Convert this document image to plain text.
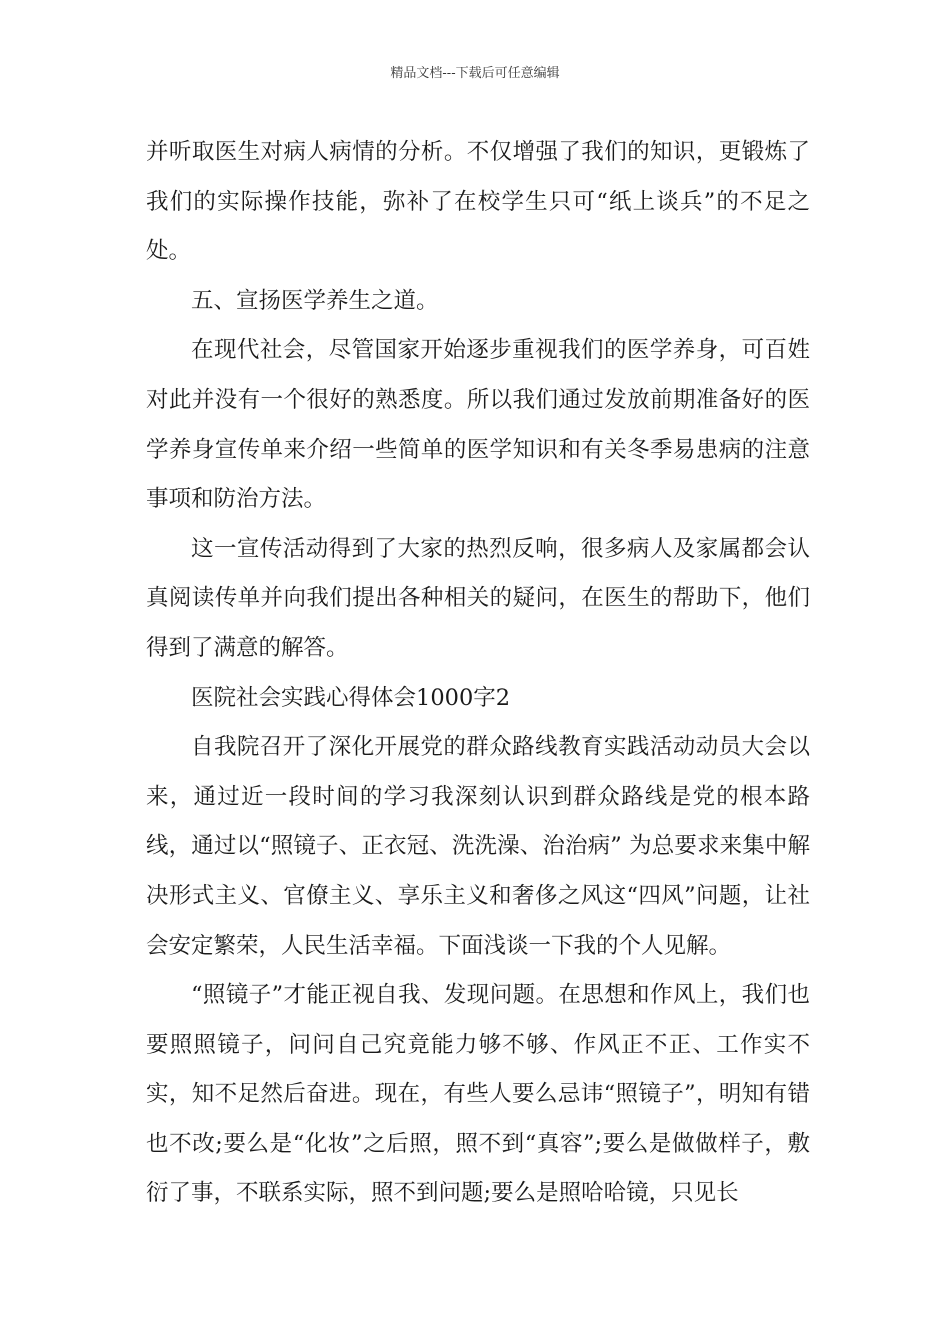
精品文档---下载后可任意编辑

并听取医生对病人病情的分析。不仅增强了我们的知识，更锻炼了我们的实际操作技能，弥补了在校学生只可“纸上谈兵”的不足之处。

五、宣扬医学养生之道。

在现代社会，尽管国家开始逐步重视我们的医学养身，可百姓对此并没有一个很好的熟悉度。所以我们通过发放前期准备好的医学养身宣传单来介绍一些简单的医学知识和有关冬季易患病的注意事项和防治方法。

这一宣传活动得到了大家的热烈反响，很多病人及家属都会认真阅读传单并向我们提出各种相关的疑问，在医生的帮助下，他们得到了满意的解答。

医院社会实践心得体会1000字2

自我院召开了深化开展党的群众路线教育实践活动动员大会以来，通过近一段时间的学习我深刻认识到群众路线是党的根本路线，通过以“照镜子、正衣冠、洗洗澡、治治病” 为总要求来集中解决形式主义、官僚主义、享乐主义和奢侈之风这“四风”问题，让社会安定繁荣，人民生活幸福。下面浅谈一下我的个人见解。

“照镜子”才能正视自我、发现问题。在思想和作风上，我们也要照照镜子，问问自己究竟能力够不够、作风正不正、工作实不实，知不足然后奋进。现在，有些人要么忌讳“照镜子”，明知有错也不改;要么是“化妆”之后照，照不到“真容”;要么是做做样子，敷衍了事，不联系实际，照不到问题;要么是照哈哈镜，只见长
